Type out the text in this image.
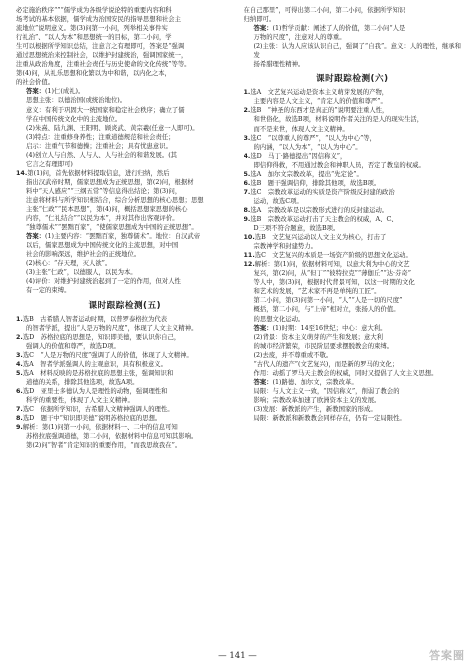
必定施治秩序“”“儒学成为各级学说论特的重要内容和科

场考试的基本依据，儒学成为治国安民的指导思想和社会主

流地位”说明意义。第(3)问第一小问，列举相关事件实

行礼治”、“以人为本”和思想统一的目标，第二小问，学

生可以根据所学知识总结，注意言之有理即可，答案是“强调

通过思想统治来控制社会，以维护封建统治，强调国家统一，

注重从政治角度，注重社会责任与历史使命的文化传统”等等。

第(4)问，从礼乐思想和化繁以为中和谐，以内化之本，

的社会价值。

答案：(1)仁(成礼)。

思想主张：以德治国(或统治地位)。

意义：有利于巩固大一统国家和稳定社会秩序；确立了儒

学在中国传统文化中的主流地位。

(2)朱熹、陆九渊、王阳明、顾炎武、黄宗羲(任意一人即可)。

(3)特点：注重修身养性；注重道德规范和社会责任；

启示：注重气节和德操；注重社会；具有忧患意识。

(4)创立人与自然、人与人、人与社会的和谐发展。(其

它言之有理即可)

14.第(1)问，首先依据材料提取信息，进行归纳，然后

指出汉武帝时期，儒家思想成为正统思想，第(2)问，根据材

料中“天人感应”“三纲五常”等信息得出结论；第(3)问，

注意将材料与所学知识相结合，综合分析思想的核心思想；思想

主张“仁政”“民本思想”，第(4)问，概括思想家思想的核心

内容，“仁礼结合”“以民为本”，并对其作出客观评价。

“独尊儒术”“罢黜百家”，“使儒家思想成为中国的正统思想”。

答案：(1)主要内容：“罢黜百家，独尊儒术”。地位：自汉武帝

以后，儒家思想成为中国传统文化的主流思想，对中国

社会的影响深远，维护社会的正统地位。

(2)核心：“存天理，灭人欲”。

(3)主张“仁政”，以德服人，以民为本。

(4)评价：对维护封建统治起到了一定的作用，但对人性

有一定的束缚。

课时跟踪检测(五)

1.选B　古希腊人智者运动时期，以普罗泰格拉为代表

的智者学派，提出“人是万物的尺度”，体现了人文主义精神。

2.选D　苏格拉底的思想是，知识即美德，要认识你自己，

强调人的价值和尊严，故选D项。

3.选C　“人是万物的尺度”强调了人的价值，体现了人文精神。

4.选A　智者学派强调人的主观意识，具有积极意义。

5.选A　材料反映的是苏格拉底的思想主张，强调知识和

道德的关系，排除其他选项，故选A项。

6.选D　亚里士多德认为人是理性的动物，强调理性和

科学的重要性，体现了人文主义精神。

7.选C　依据所学知识，古希腊人文精神强调人的理性。

8.选D　题干中“知识即美德”说明苏格拉底的思想。

9.解析：第(1)问第一小问，依据材料一、二中的信息可知

苏格拉底强调道德，第二小问，依据材料中信息可知其影响。

第(2)问“智者”肯定知识的重要作用，“而我思故我在”。

在自己那里”，可得出第二小问，第二小问，依据所学知识

归纳即可。

答案：(1)哲学贡献：阐述了人的价值，第二小问“人是

万物的尺度”，注意对人的尊重。

(2)主张：认为人应该认识自己，强调了“自我”。意义：人的理性，继承和发

扬希腊理性精神。

课时跟踪检测(六)

1.选A　文艺复兴运动是资本主义萌芽发展的产物，

主要内容是人文主义，“肯定人的价值和尊严”。

2.选B　“神圣的东西才是真正的”说明要注重人性，

和世俗化，故选B项，材料说明作者关注的是人的现实生活，

而不是来世，体现人文主义精神。

3.选C　“以尊重人的尊严”，“以人为中心”等，

的内涵，“以人为本”，“以人为中心”。

4.选D　马丁·路德提出“因信称义”，

即信仰得救，不用通过教会和神职人员，否定了教皇的权威。

5.选A　加尔文宗教改革，提出“先定论”。

6.选B　题干强调信仰，排除其他项，故选B项。

7.选C　宗教改革运动的实质是资产阶级反封建的政治

运动，故选C项。

8.选A　宗教改革是以宗教形式进行的反封建运动。

9.选B　宗教改革运动打击了天主教会的权威，A、C、

D三项不符合题意，故选B项。

10.选B　文艺复兴运动以人文主义为核心，打击了

宗教神学和封建势力。

11.选C　文艺复兴的本质是一场资产阶级的思想文化运动。

12.解析：第(1)问，依据材料可知，以意大利为中心的文艺

复兴，第(2)问，从“但丁”“彼特拉克”“薄伽丘”“达·芬奇”

等人中，第(3)问，根据时代背景可知，以这一时期的文化

和艺术的发展，“艺术家不再是单纯的工匠”。

第二小问，第(3)问第一小问，“人”“人是一切的尺度”

概括，第二小问，与“上帝”相对立，张扬人的价值。

的思想文化运动。

答案：(1)时期：14至16世纪；中心：意大利。

(2)背景：资本主义萌芽的产生和发展；意大利

的城市经济繁荣，市民阶层要求摆脱教会的束缚。

(2)去废，并不尊重或不敬。

“古代人的遗产”(文艺复兴)，而是新的罗马的文化；

作用：动摇了罗马天主教会的权威，同时又提倡了人文主义思想。

答案：(1)路德、加尔文，宗教改革。

局限：与人文主义一致，“因信称义”，削弱了教会的

影响；宗教改革加速了欧洲资本主义的发展。

(3)发展：新教派的产生，新教国家的形成。

局限：新教派和新教教会同样存在，仍有一定局限性。

— 141 —	答案圈
